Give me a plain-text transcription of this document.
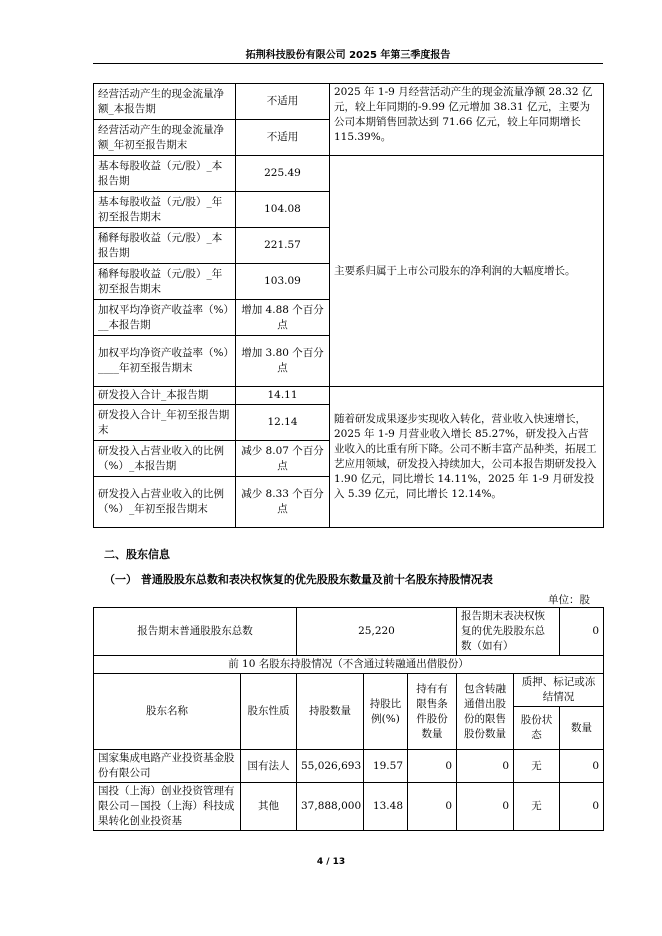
拓荆科技股份有限公司 2025 年第三季度报告
经营活动产生的现金流量净额_本报告期	不适用	2025 年 1-9 月经营活动产生的现金流量净额 28.32 亿元，较上年同期的-9.99 亿元增加 38.31 亿元，主要为公司本期销售回款达到 71.66 亿元，较上年同期增长 115.39%。
经营活动产生的现金流量净额_年初至报告期末	不适用	
基本每股收益（元/股）_本报告期	225.49	主要系归属于上市公司股东的净利润的大幅度增长。
基本每股收益（元/股）_年初至报告期末	104.08	
稀释每股收益（元/股）_本报告期	221.57	
稀释每股收益（元/股）_年初至报告期末	103.09	
加权平均净资产收益率（%）__本报告期	增加 4.88 个百分点	
加权平均净资产收益率（%）____年初至报告期末	增加 3.80 个百分点	
研发投入合计_本报告期	14.11	随着研发成果逐步实现收入转化，营业收入快速增长，2025 年 1-9 月营业收入增长 85.27%，研发投入占营业收入的比重有所下降。公司不断丰富产品种类，拓展工艺应用领域，研发投入持续加大，公司本报告期研发投入 1.90 亿元，同比增长 14.11%，2025 年 1-9 月研发投入 5.39 亿元，同比增长 12.14%。
研发投入合计_年初至报告期末	12.14	
研发投入占营业收入的比例（%）_本报告期	减少 8.07 个百分点	
研发投入占营业收入的比例（%）_年初至报告期末	减少 8.33 个百分点	
二、股东信息
（一） 普通股股东总数和表决权恢复的优先股股东数量及前十名股东持股情况表
单位：股
报告期末普通股股东总数		25,220			报告期末表决权恢复的优先股股东总数（如有）		0
前 10 名股东持股情况（不含通过转融通出借股份）							
股东名称	股东性质	持股数量	持股比例(%)	持有有限售条件股份数量	包含转融通借出股份的限售股份数量	质押、标记或冻结情况	
						股份状态	数量
国家集成电路产业投资基金股份有限公司	国有法人	55,026,693	19.57	0	0	无	0
国投（上海）创业投资管理有限公司－国投（上海）科技成果转化创业投资基	其他	37,888,000	13.48	0	0	无	0
4 / 13
